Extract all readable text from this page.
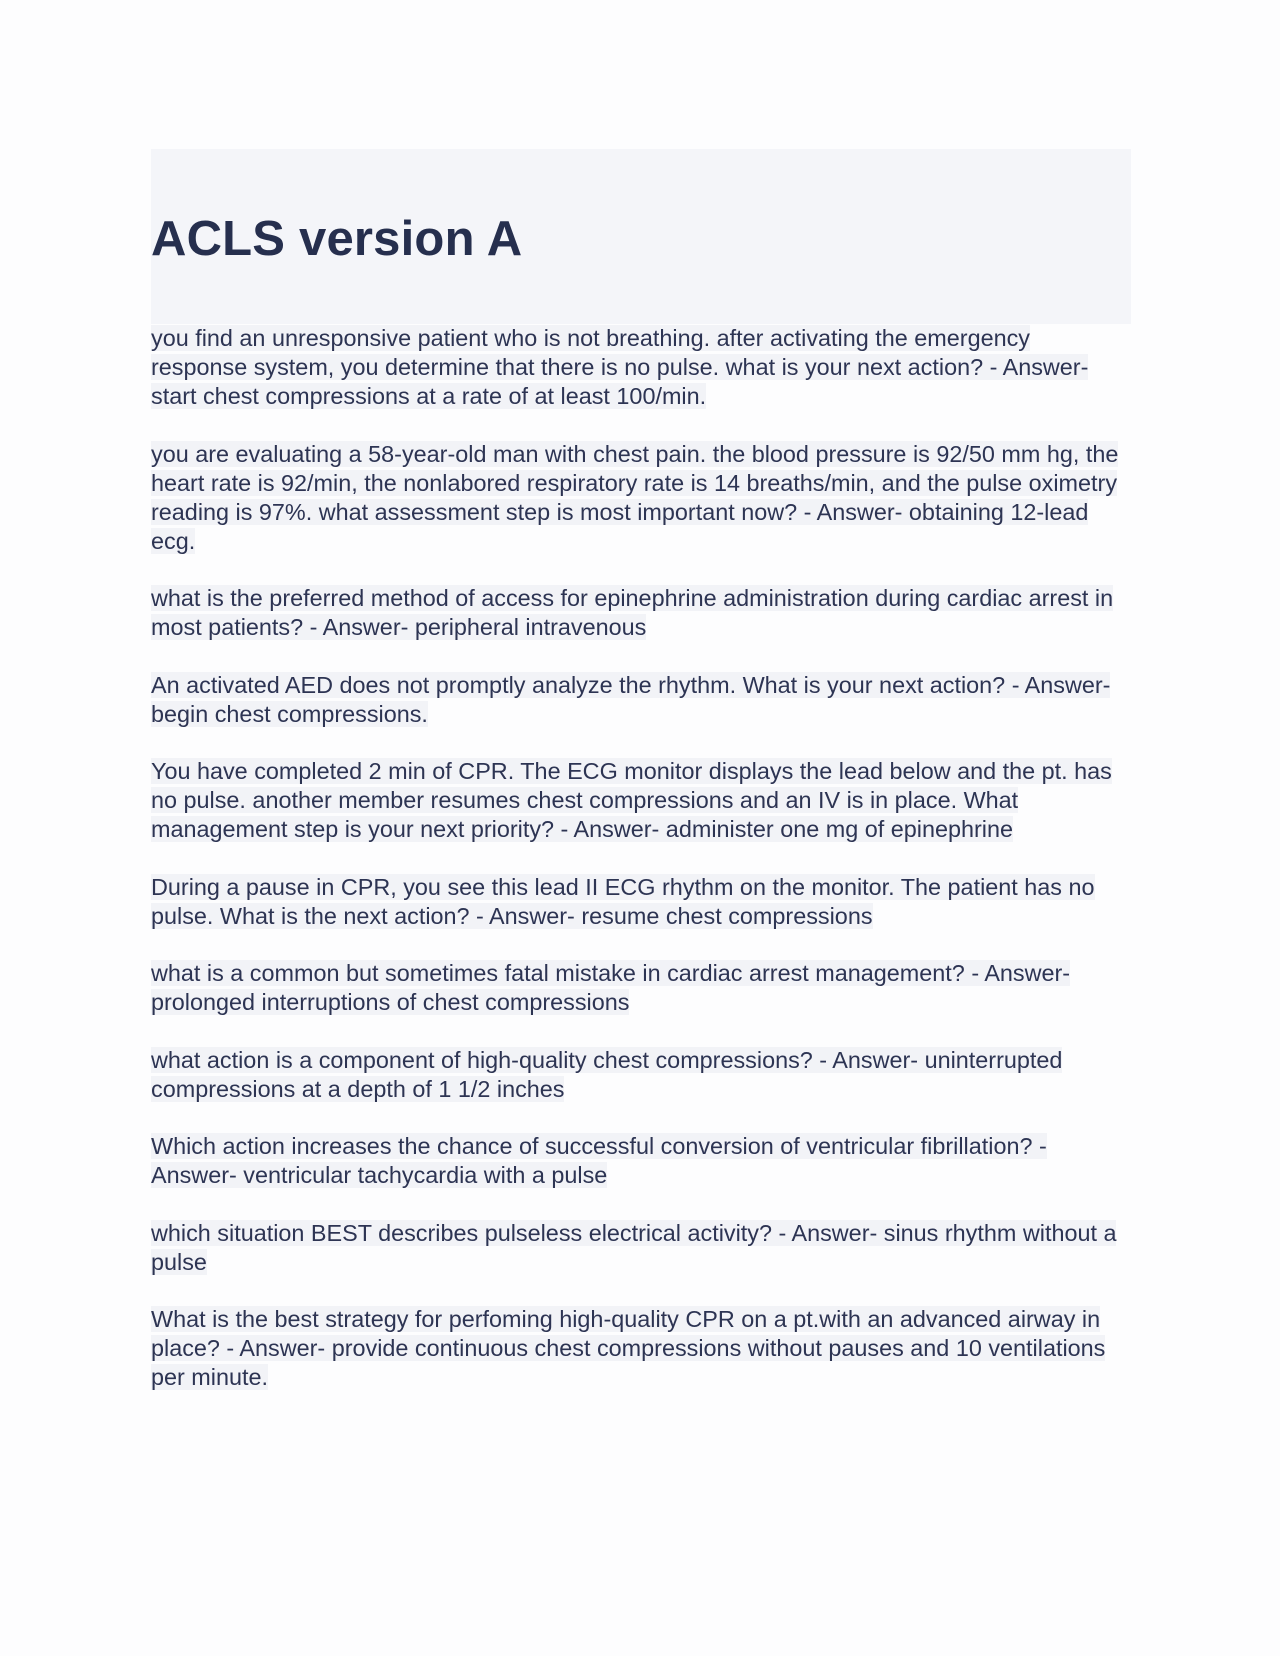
ACLS version A

you find an unresponsive patient who is not breathing. after activating the emergency response system, you determine that there is no pulse. what is your next action? - Answer- start chest compressions at a rate of at least 100/min.

you are evaluating a 58-year-old man with chest pain. the blood pressure is 92/50 mm hg, the heart rate is 92/min, the nonlabored respiratory rate is 14 breaths/min, and the pulse oximetry reading is 97%. what assessment step is most important now? - Answer- obtaining 12-lead ecg.

what is the preferred method of access for epinephrine administration during cardiac arrest in most patients? - Answer- peripheral intravenous

An activated AED does not promptly analyze the rhythm. What is your next action? - Answer- begin chest compressions.

You have completed 2 min of CPR. The ECG monitor displays the lead below and the pt. has no pulse. another member resumes chest compressions and an IV is in place. What management step is your next priority? - Answer- administer one mg of epinephrine

During a pause in CPR, you see this lead II ECG rhythm on the monitor. The patient has no pulse. What is the next action? - Answer- resume chest compressions

what is a common but sometimes fatal mistake in cardiac arrest management? - Answer- prolonged interruptions of chest compressions

what action is a component of high-quality chest compressions? - Answer- uninterrupted compressions at a depth of 1 1/2 inches

Which action increases the chance of successful conversion of ventricular fibrillation? - Answer- ventricular tachycardia with a pulse

which situation BEST describes pulseless electrical activity? - Answer- sinus rhythm without a pulse

What is the best strategy for perfoming high-quality CPR on a pt.with an advanced airway in place? - Answer- provide continuous chest compressions without pauses and 10 ventilations per minute.
